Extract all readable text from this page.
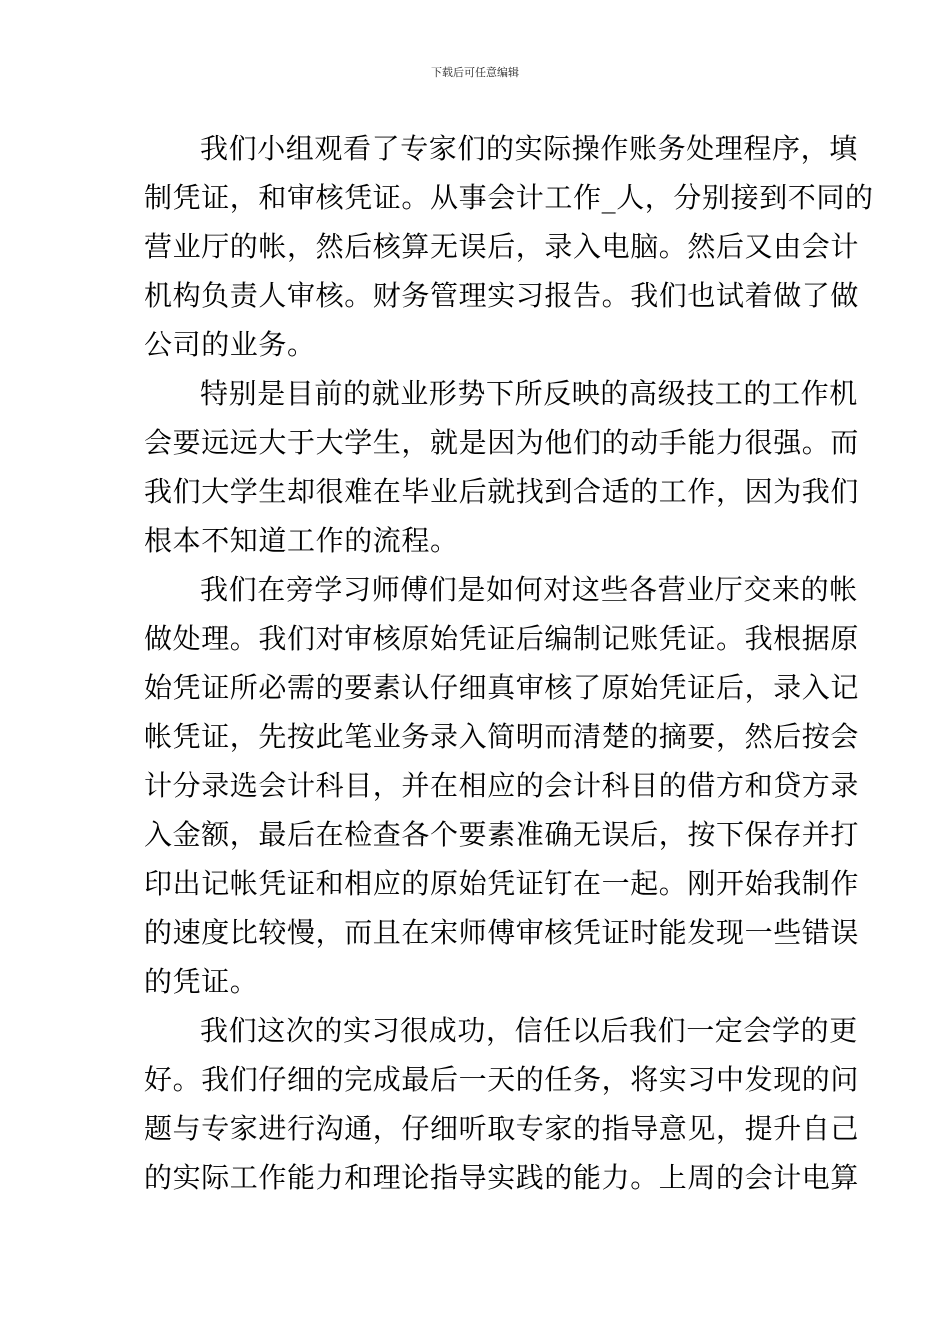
下载后可任意编辑

我们小组观看了专家们的实际操作账务处理程序，填
制凭证，和审核凭证。从事会计工作_人，分别接到不同的
营业厅的帐，然后核算无误后，录入电脑。然后又由会计
机构负责人审核。财务管理实习报告。我们也试着做了做
公司的业务。

特别是目前的就业形势下所反映的高级技工的工作机
会要远远大于大学生，就是因为他们的动手能力很强。而
我们大学生却很难在毕业后就找到合适的工作，因为我们
根本不知道工作的流程。

我们在旁学习师傅们是如何对这些各营业厅交来的帐
做处理。我们对审核原始凭证后编制记账凭证。我根据原
始凭证所必需的要素认仔细真审核了原始凭证后，录入记
帐凭证，先按此笔业务录入简明而清楚的摘要，然后按会
计分录选会计科目，并在相应的会计科目的借方和贷方录
入金额，最后在检查各个要素准确无误后，按下保存并打
印出记帐凭证和相应的原始凭证钉在一起。刚开始我制作
的速度比较慢，而且在宋师傅审核凭证时能发现一些错误
的凭证。

我们这次的实习很成功，信任以后我们一定会学的更
好。我们仔细的完成最后一天的任务，将实习中发现的问
题与专家进行沟通，仔细听取专家的指导意见，提升自己
的实际工作能力和理论指导实践的能力。上周的会计电算
